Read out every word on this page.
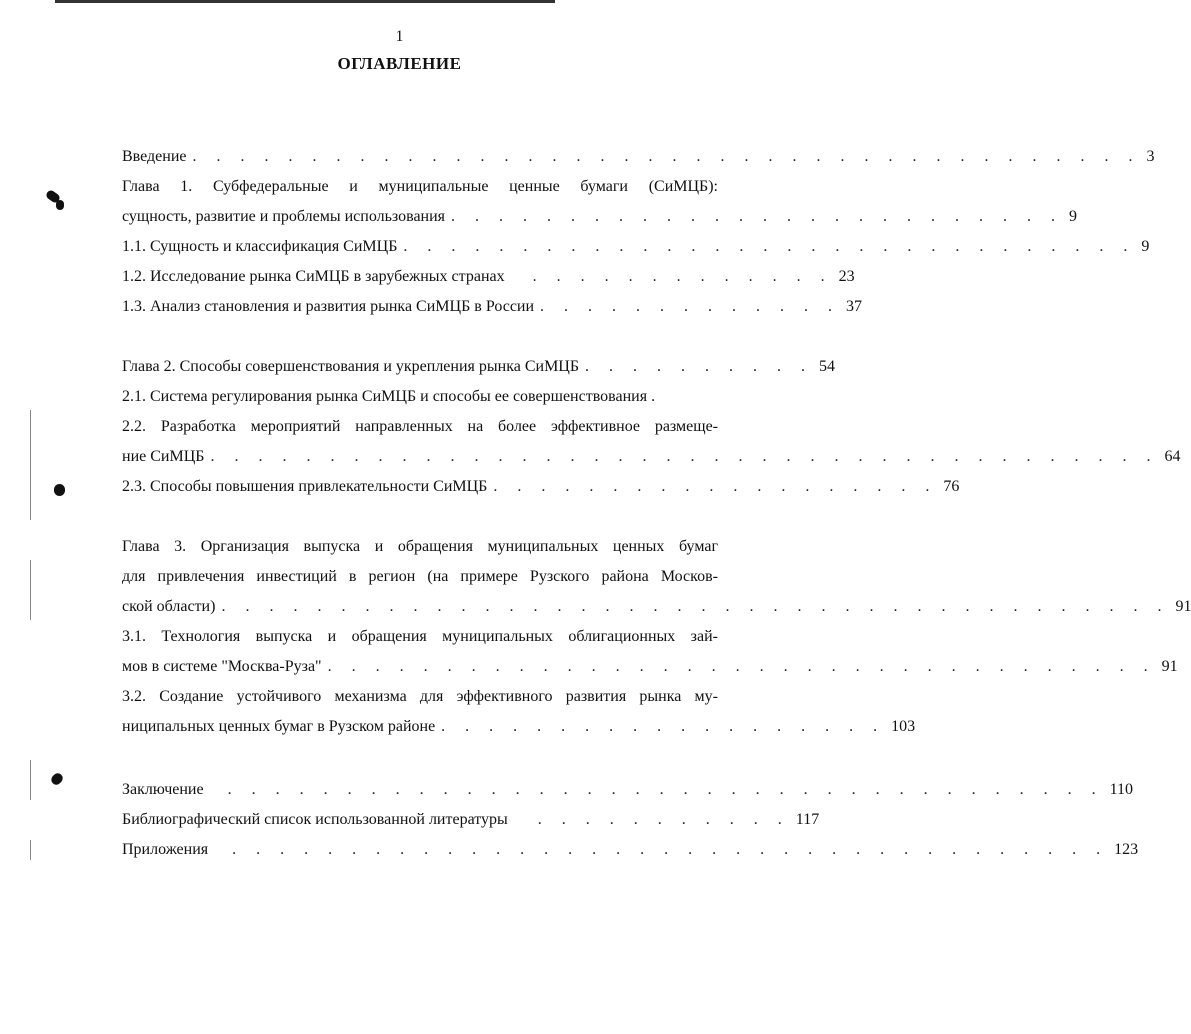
1
ОГЛАВЛЕНИЕ
Введение . . . . . . . . . . . . . . . . . . . . . . . . . . . . . . . . . . . . . . . . 3
Глава 1. Субфедеральные и муниципальные ценные бумаги (СиМЦБ):
сущность, развитие и проблемы использования . . . . . . . . . . . . . . . . . . . . . . . . . . 9
1.1. Сущность и классификация СиМЦБ . . . . . . . . . . . . . . . . . . . . . . . . . . . . . . . 9
1.2. Исследование рынка СиМЦБ в зарубежных странах . . . . . . . . . . . . . 23
1.3. Анализ становления и развития рынка СиМЦБ в России . . . . . . . . . . . . . 37
Глава 2. Способы совершенствования и укрепления рынка СиМЦБ . . . . . . . . . . 54
2.1. Система регулирования рынка СиМЦБ и способы ее совершенствования .
2.2. Разработка мероприятий направленных на более эффективное размеще-
ние СиМЦБ . . . . . . . . . . . . . . . . . . . . . . . . . . . . . . . . . . . . . . . . 64
2.3. Способы повышения привлекательности СиМЦБ . . . . . . . . . . . . . . . . . . . 76
Глава 3. Организация выпуска и обращения муниципальных ценных бумаг
для привлечения инвестиций в регион (на примере Рузского района Москов-
ской области) . . . . . . . . . . . . . . . . . . . . . . . . . . . . . . . . . . . . . . . . 91
3.1. Технология выпуска и обращения муниципальных облигационных зай-
мов в системе "Москва-Руза" . . . . . . . . . . . . . . . . . . . . . . . . . . . . . . . . . . . 91
3.2. Создание устойчивого механизма для эффективного развития рынка му-
ниципальных ценных бумаг в Рузском районе . . . . . . . . . . . . . . . . . . . 103
Заключение . . . . . . . . . . . . . . . . . . . . . . . . . . . . . . . . . . . . . 110
Библиографический список использованной литературы . . . . . . . . . . . 117
Приложения . . . . . . . . . . . . . . . . . . . . . . . . . . . . . . . . . . . . . 123
